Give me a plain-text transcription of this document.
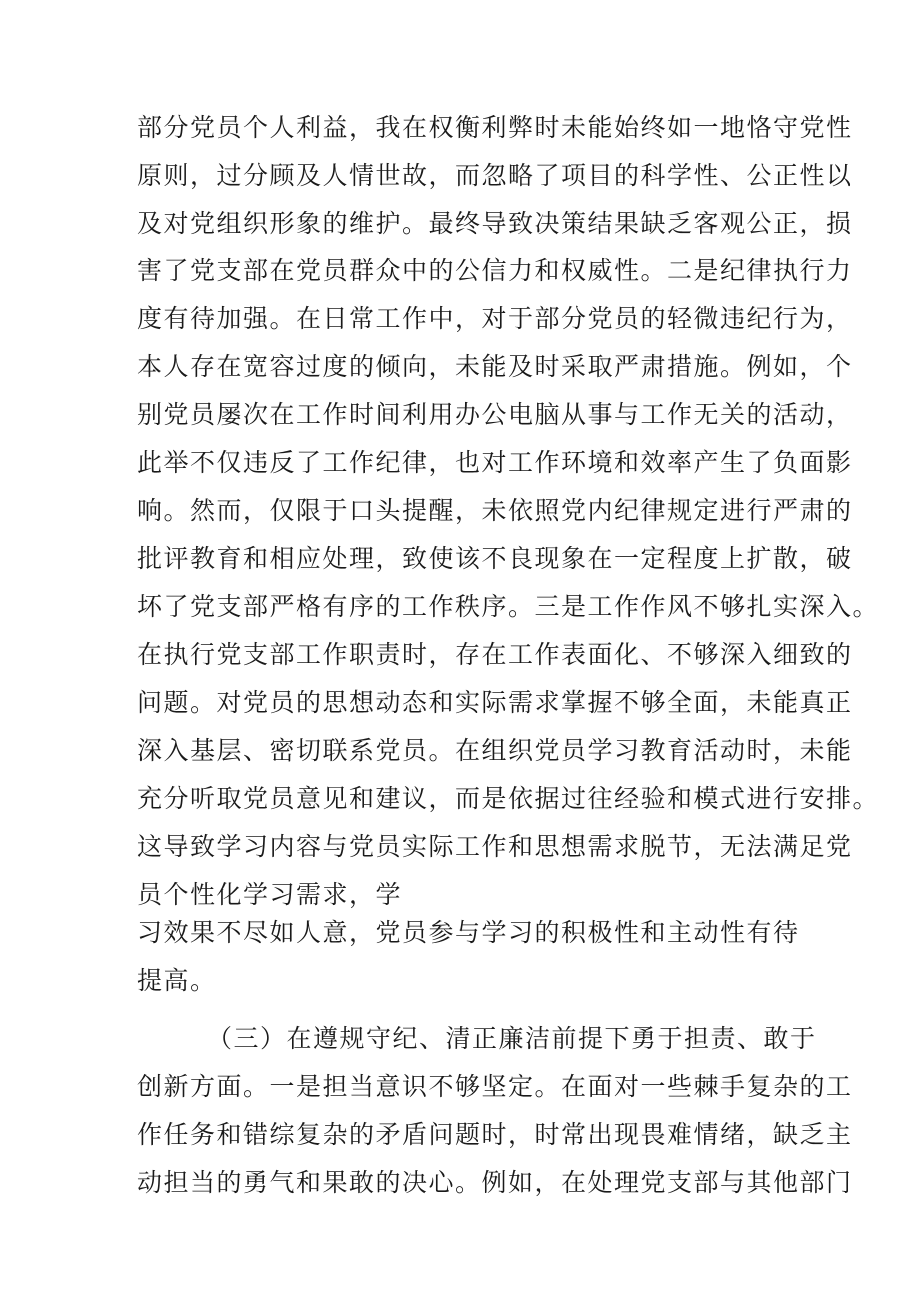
部分党员个人利益，我在权衡利弊时未能始终如一地恪守党性
原则，过分顾及人情世故，而忽略了项目的科学性、公正性以
及对党组织形象的维护。最终导致决策结果缺乏客观公正，损
害了党支部在党员群众中的公信力和权威性。二是纪律执行力
度有待加强。在日常工作中，对于部分党员的轻微违纪行为，
本人存在宽容过度的倾向，未能及时采取严肃措施。例如，个
别党员屡次在工作时间利用办公电脑从事与工作无关的活动，
此举不仅违反了工作纪律，也对工作环境和效率产生了负面影
响。然而，仅限于口头提醒，未依照党内纪律规定进行严肃的
批评教育和相应处理，致使该不良现象在一定程度上扩散，破
坏了党支部严格有序的工作秩序。三是工作作风不够扎实深入。
在执行党支部工作职责时，存在工作表面化、不够深入细致的
问题。对党员的思想动态和实际需求掌握不够全面，未能真正
深入基层、密切联系党员。在组织党员学习教育活动时，未能
充分听取党员意见和建议，而是依据过往经验和模式进行安排。
这导致学习内容与党员实际工作和思想需求脱节，无法满足党
员个性化学习需求，学
习效果不尽如人意，党员参与学习的积极性和主动性有待
提高。
（三）在遵规守纪、清正廉洁前提下勇于担责、敢于
创新方面。一是担当意识不够坚定。在面对一些棘手复杂的工
作任务和错综复杂的矛盾问题时，时常出现畏难情绪，缺乏主
动担当的勇气和果敢的决心。例如，在处理党支部与其他部门
